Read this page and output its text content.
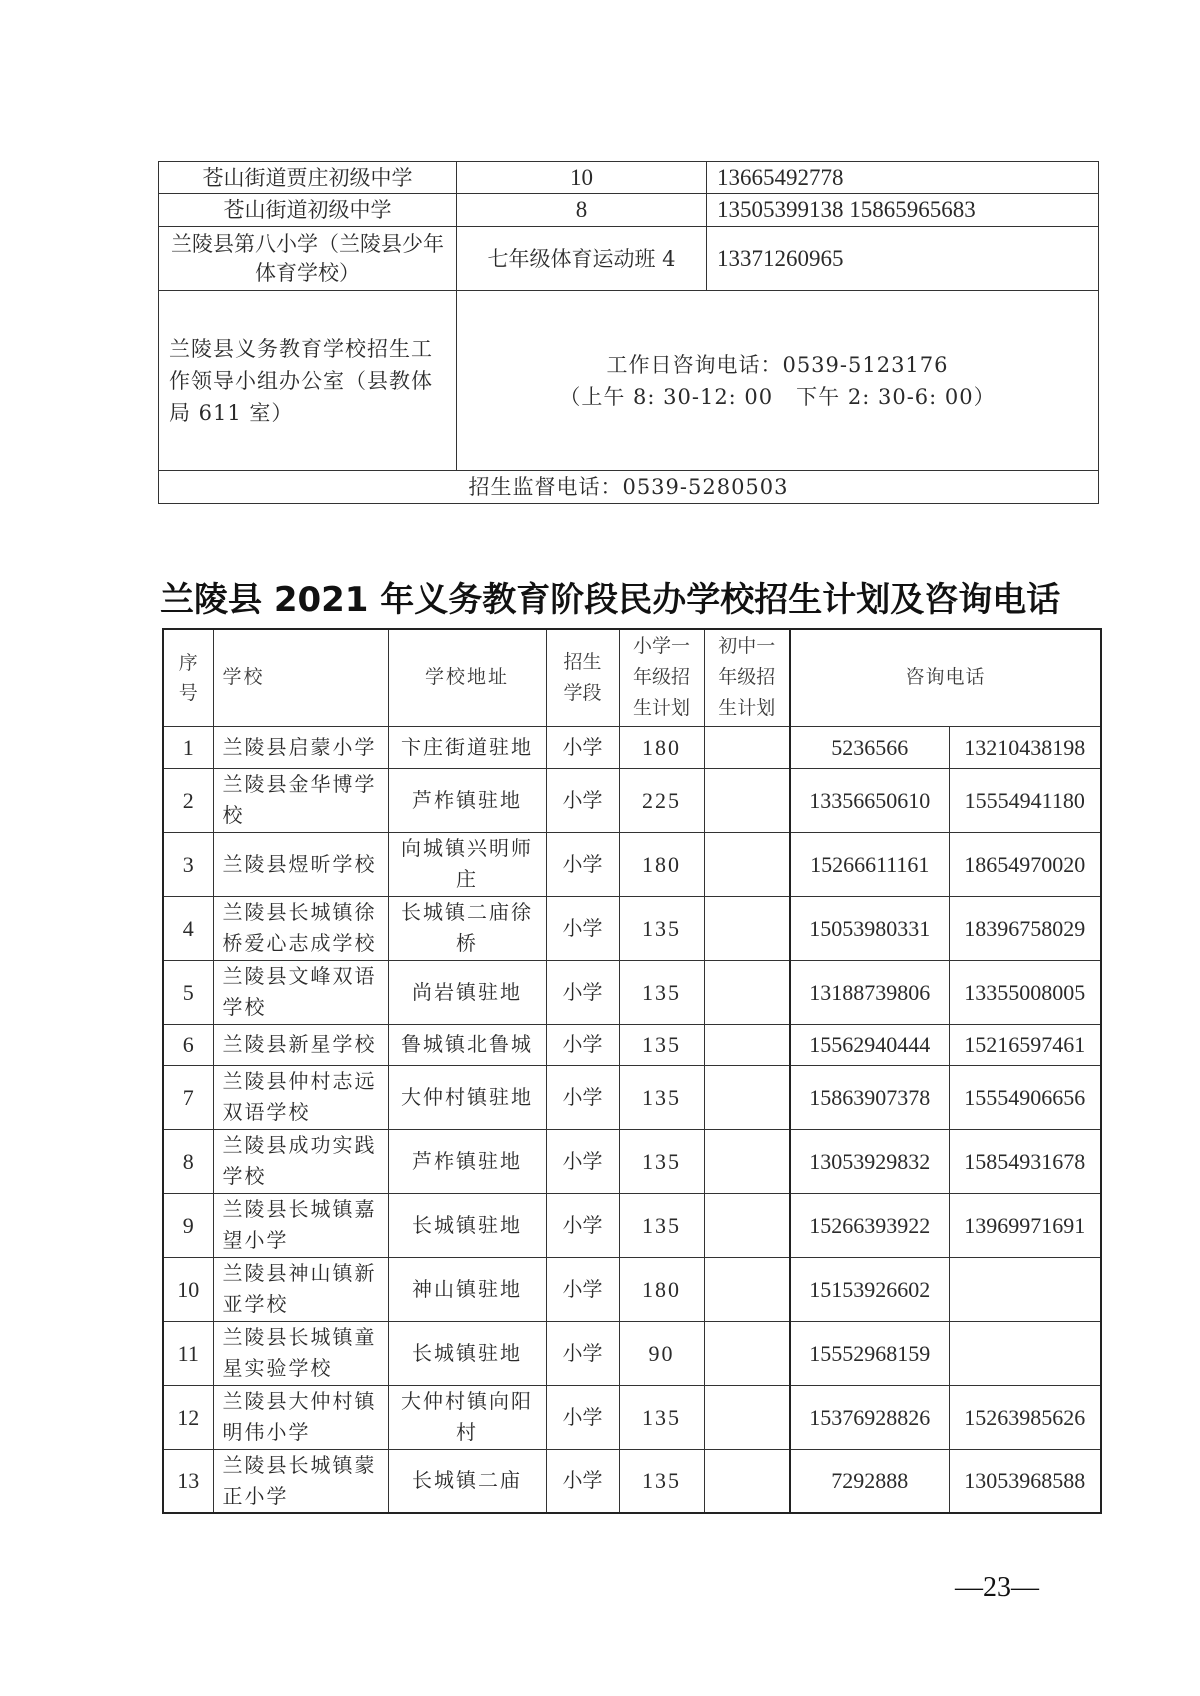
苍山街道贾庄初级中学	10	13665492778
苍山街道初级中学	8	13505399138 15865965683
兰陵县第八小学（兰陵县少年体育学校）	七年级体育运动班 4	13371260965
兰陵县义务教育学校招生工作领导小组办公室（县教体局 611 室）	工作日咨询电话：0539-5123176
（上午 8: 30-12: 00   下午 2: 30-6: 00）	

招生监督电话：0539-5280503		
兰陵县 2021 年义务教育阶段民办学校招生计划及咨询电话
序号	学校	学校地址	招生学段	小学一年级招生计划	初中一年级招生计划	咨询电话	
1	兰陵县启蒙小学	卞庄街道驻地	小学	180		5236566	13210438198
2	兰陵县金华博学校	芦柞镇驻地	小学	225		13356650610	15554941180
3	兰陵县煜昕学校	向城镇兴明师庄	小学	180		15266611161	18654970020
4	兰陵县长城镇徐桥爱心志成学校	长城镇二庙徐桥	小学	135		15053980331	18396758029
5	兰陵县文峰双语学校	尚岩镇驻地	小学	135		13188739806	13355008005
6	兰陵县新星学校	鲁城镇北鲁城	小学	135		15562940444	15216597461
7	兰陵县仲村志远双语学校	大仲村镇驻地	小学	135		15863907378	15554906656
8	兰陵县成功实践学校	芦柞镇驻地	小学	135		13053929832	15854931678
9	兰陵县长城镇嘉望小学	长城镇驻地	小学	135		15266393922	13969971691
10	兰陵县神山镇新亚学校	神山镇驻地	小学	180		15153926602	
11	兰陵县长城镇童星实验学校	长城镇驻地	小学	90		15552968159	
12	兰陵县大仲村镇明伟小学	大仲村镇向阳村	小学	135		15376928826	15263985626
13	兰陵县长城镇蒙正小学	长城镇二庙	小学	135		7292888	13053968588
—23—
